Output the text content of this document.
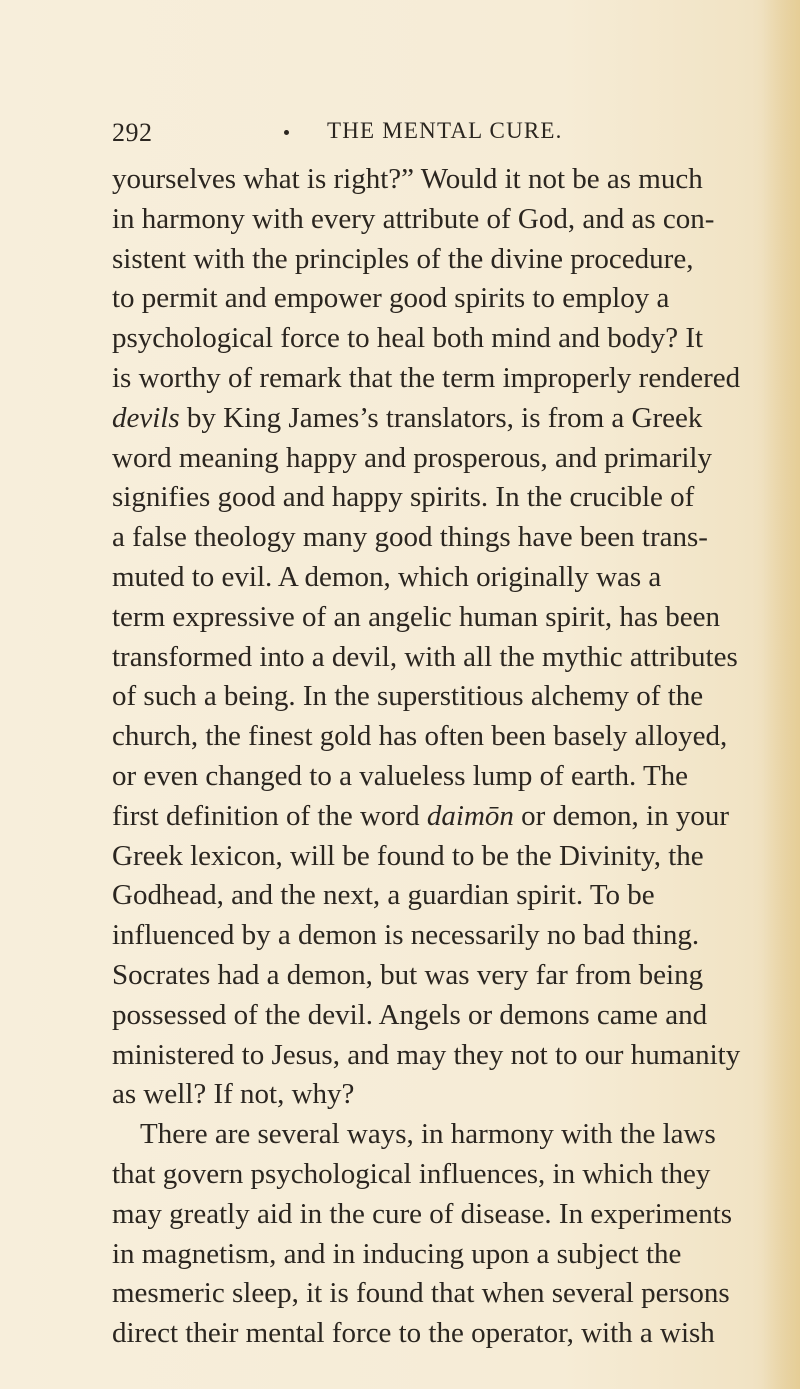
292	THE MENTAL CURE.
yourselves what is right?” Would it not be as much
in harmony with every attribute of God, and as con-
sistent with the principles of the divine procedure,
to permit and empower good spirits to employ a
psychological force to heal both mind and body? It
is worthy of remark that the term improperly rendered
devils by King James’s translators, is from a Greek
word meaning happy and prosperous, and primarily
signifies good and happy spirits. In the crucible of
a false theology many good things have been trans-
muted to evil. A demon, which originally was a
term expressive of an angelic human spirit, has been
transformed into a devil, with all the mythic attributes
of such a being. In the superstitious alchemy of the
church, the finest gold has often been basely alloyed,
or even changed to a valueless lump of earth. The
first definition of the word daimōn or demon, in your
Greek lexicon, will be found to be the Divinity, the
Godhead, and the next, a guardian spirit. To be
influenced by a demon is necessarily no bad thing.
Socrates had a demon, but was very far from being
possessed of the devil. Angels or demons came and
ministered to Jesus, and may they not to our humanity
as well? If not, why?
There are several ways, in harmony with the laws
that govern psychological influences, in which they
may greatly aid in the cure of disease. In experiments
in magnetism, and in inducing upon a subject the
mesmeric sleep, it is found that when several persons
direct their mental force to the operator, with a wish
